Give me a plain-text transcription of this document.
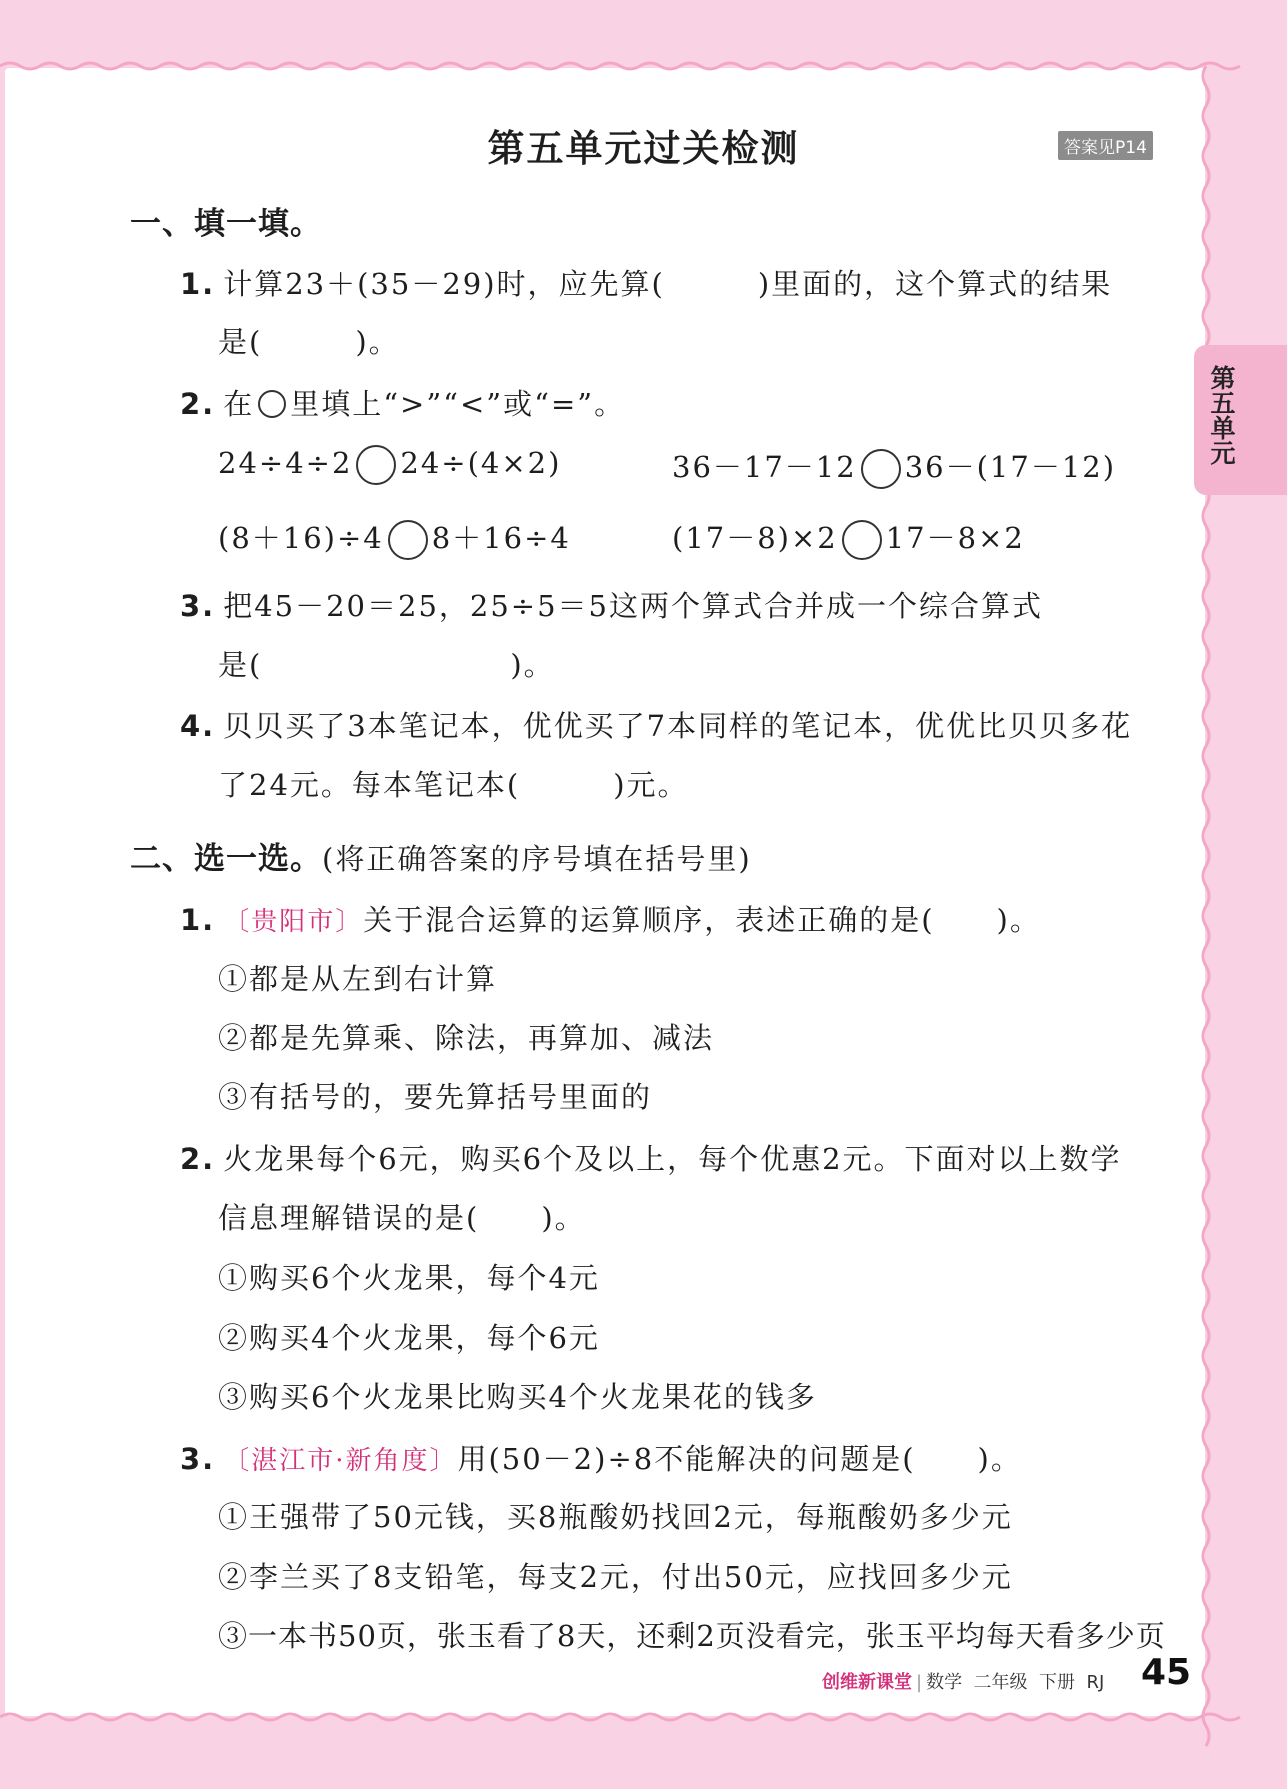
第五单元过关检测	答案见P14
第五单元
一、填一填。
1. 计算23＋(35－29)时，应先算(　　　)里面的，这个算式的结果
是(　　　)。
2. 在 里填上“>”“<”或“=”。
24÷4÷2 24÷(4×2)	36－17－12 36－(17－12)
(8＋16)÷4 8＋16÷4	(17－8)×2 17－8×2
3. 把45－20＝25，25÷5＝5这两个算式合并成一个综合算式
是(　　　　　　　　)。
4. 贝贝买了3本笔记本，优优买了7本同样的笔记本，优优比贝贝多花
了24元。每本笔记本(　　　)元。
二、选一选。(将正确答案的序号填在括号里)
1. 〔贵阳市〕关于混合运算的运算顺序，表述正确的是(　　)。
①都是从左到右计算
②都是先算乘、除法，再算加、减法
③有括号的，要先算括号里面的
2. 火龙果每个6元，购买6个及以上，每个优惠2元。下面对以上数学
信息理解错误的是(　　)。
①购买6个火龙果，每个4元
②购买4个火龙果，每个6元
③购买6个火龙果比购买4个火龙果花的钱多
3. 〔湛江市·新角度〕用(50－2)÷8不能解决的问题是(　　)。
①王强带了50元钱，买8瓶酸奶找回2元，每瓶酸奶多少元
②李兰买了8支铅笔，每支2元，付出50元，应找回多少元
③一本书50页，张玉看了8天，还剩2页没看完，张玉平均每天看多少页
创维新课堂 | 数学 二年级 下册 RJ 45
